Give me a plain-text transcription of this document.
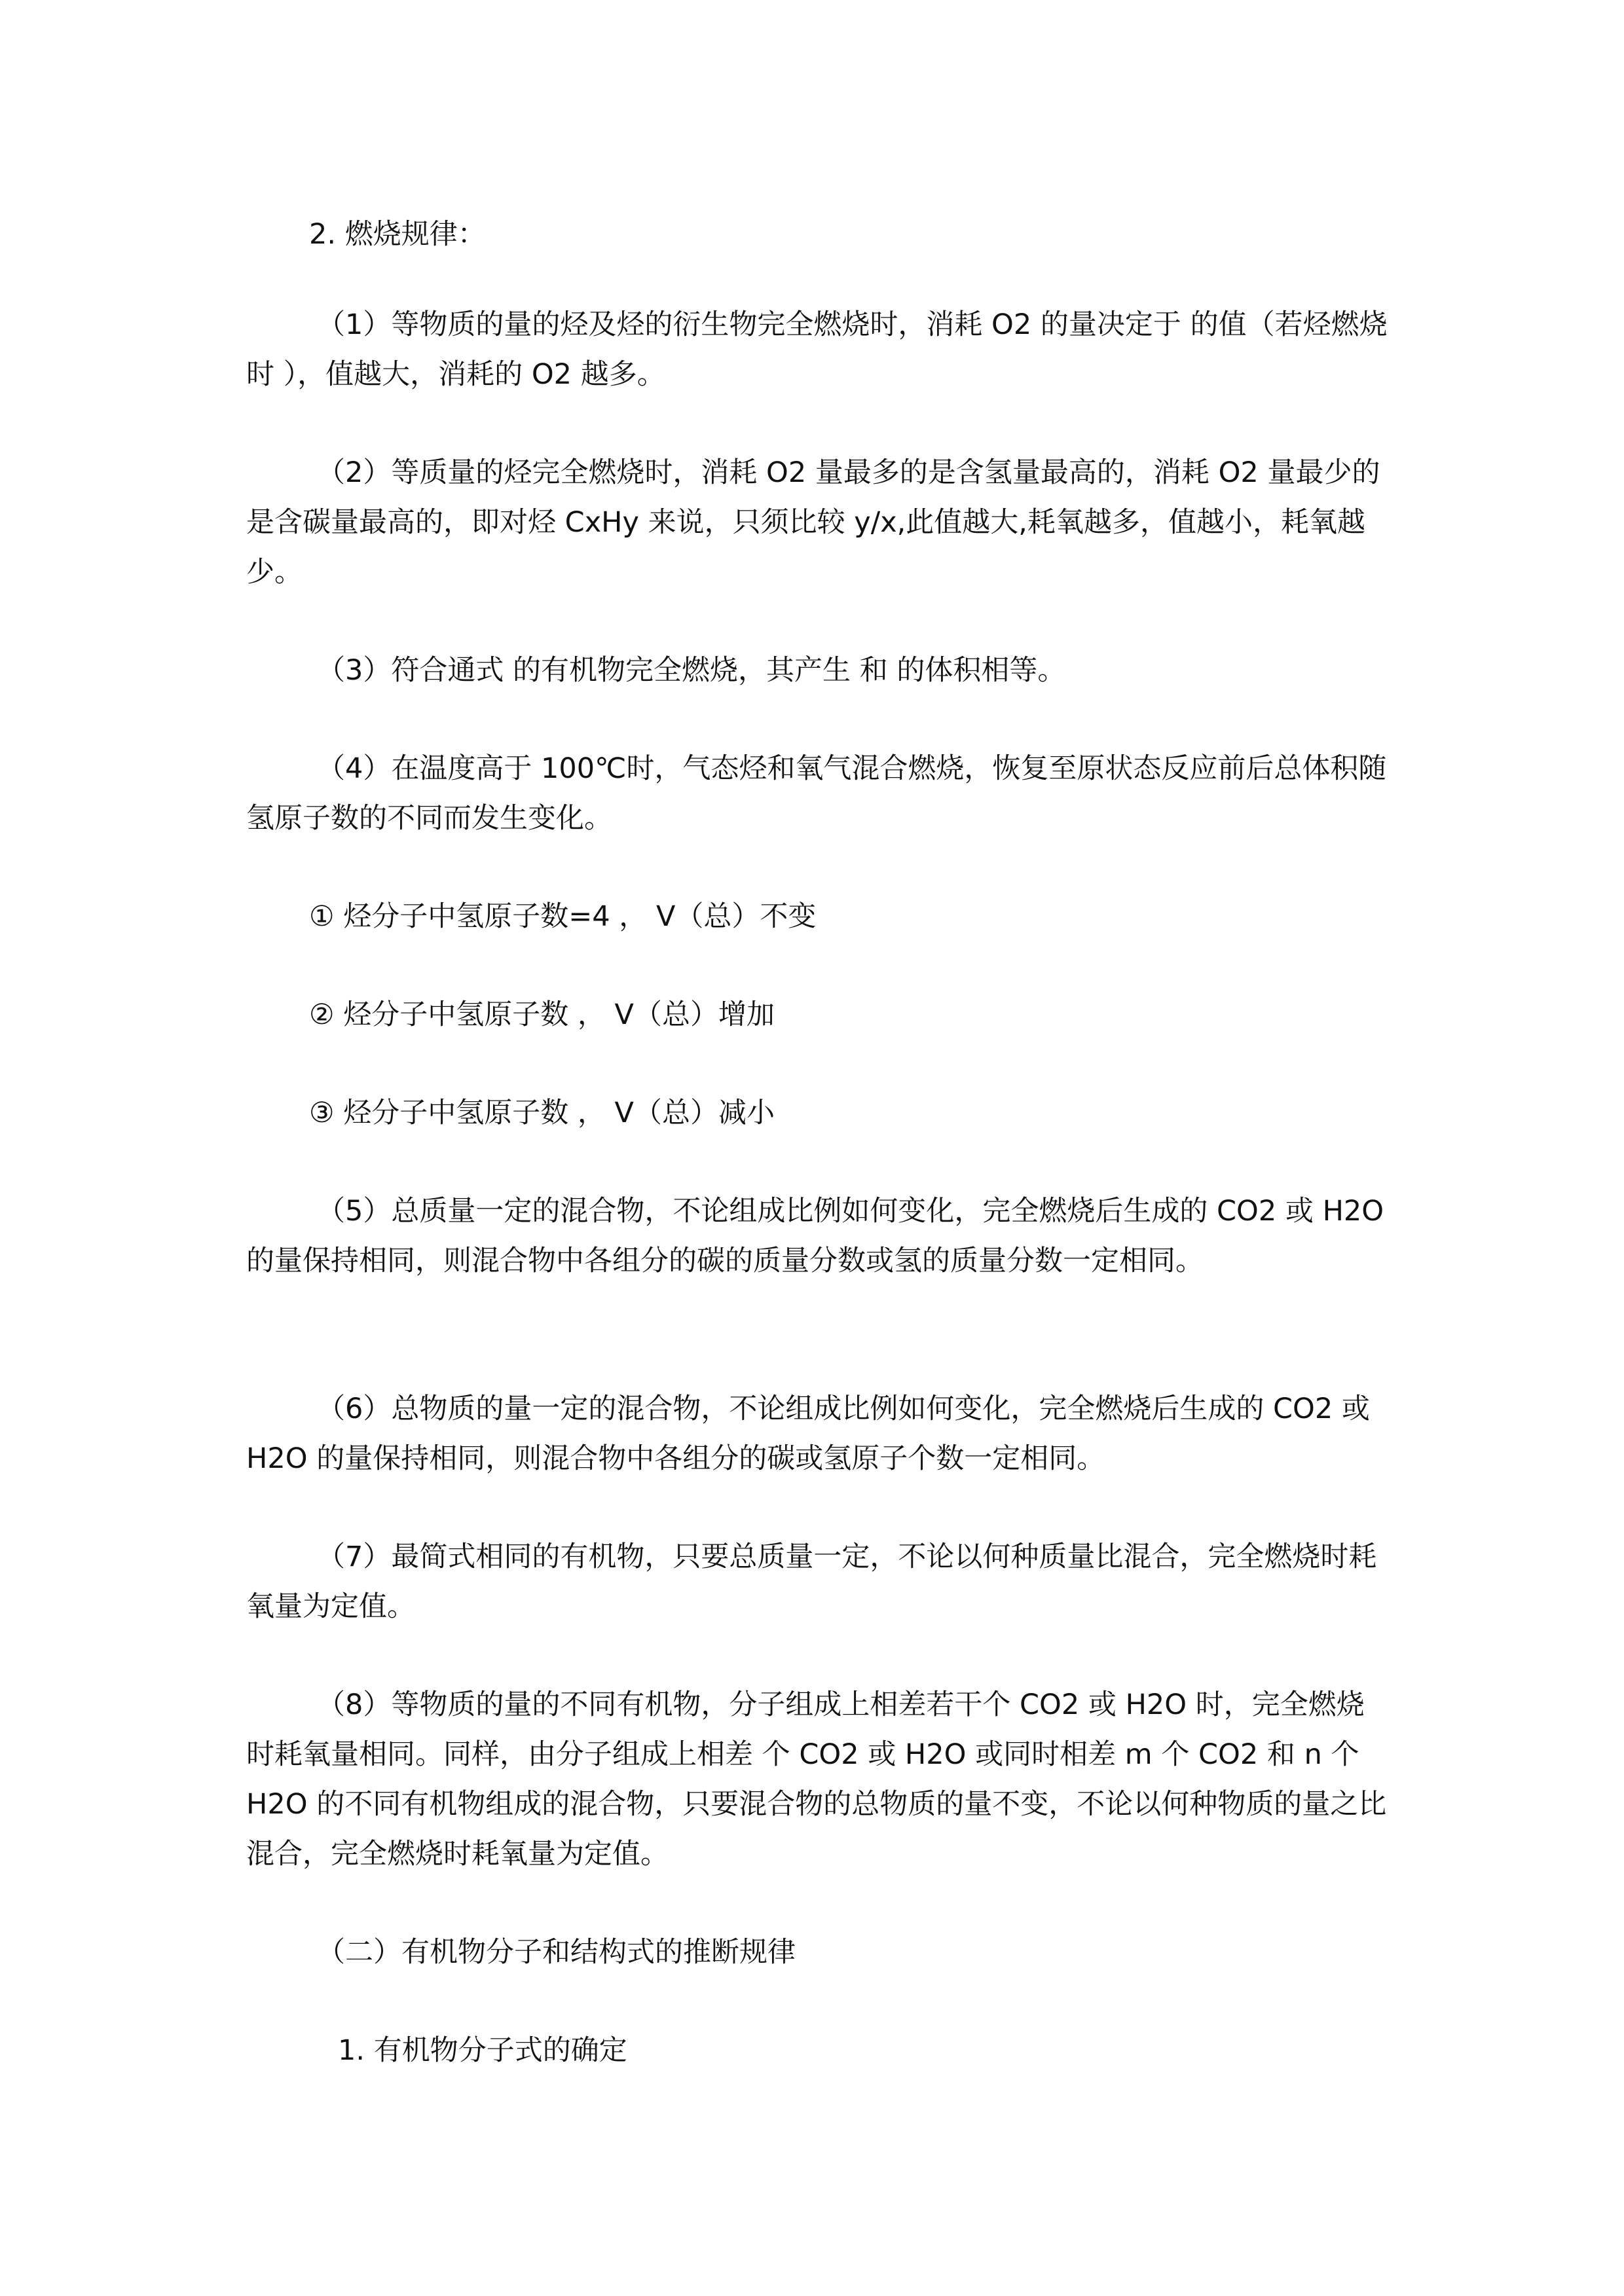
2. 燃烧规律：

（1）等物质的量的烃及烃的衍生物完全燃烧时，消耗 O2 的量决定于 的值（若烃燃烧时 ），值越大，消耗的 O2 越多。

（2）等质量的烃完全燃烧时，消耗 O2 量最多的是含氢量最高的，消耗 O2 量最少的是含碳量最高的，即对烃 CxHy 来说，只须比较 y/x,此值越大,耗氧越多，值越小，耗氧越少。

（3）符合通式 的有机物完全燃烧，其产生 和 的体积相等。

（4）在温度高于 100℃时，气态烃和氧气混合燃烧，恢复至原状态反应前后总体积随氢原子数的不同而发生变化。

① 烃分子中氢原子数=4 ， V（总）不变

② 烃分子中氢原子数 ， V（总）增加

③ 烃分子中氢原子数 ， V（总）减小

（5）总质量一定的混合物，不论组成比例如何变化，完全燃烧后生成的 CO2 或 H2O 的量保持相同，则混合物中各组分的碳的质量分数或氢的质量分数一定相同。

（6）总物质的量一定的混合物，不论组成比例如何变化，完全燃烧后生成的 CO2 或 H2O 的量保持相同，则混合物中各组分的碳或氢原子个数一定相同。

（7）最简式相同的有机物，只要总质量一定，不论以何种质量比混合，完全燃烧时耗氧量为定值。

（8）等物质的量的不同有机物，分子组成上相差若干个 CO2 或 H2O 时，完全燃烧时耗氧量相同。同样，由分子组成上相差 个 CO2 或 H2O 或同时相差 m 个 CO2 和 n 个 H2O 的不同有机物组成的混合物，只要混合物的总物质的量不变，不论以何种物质的量之比混合，完全燃烧时耗氧量为定值。

（二）有机物分子和结构式的推断规律

1. 有机物分子式的确定
